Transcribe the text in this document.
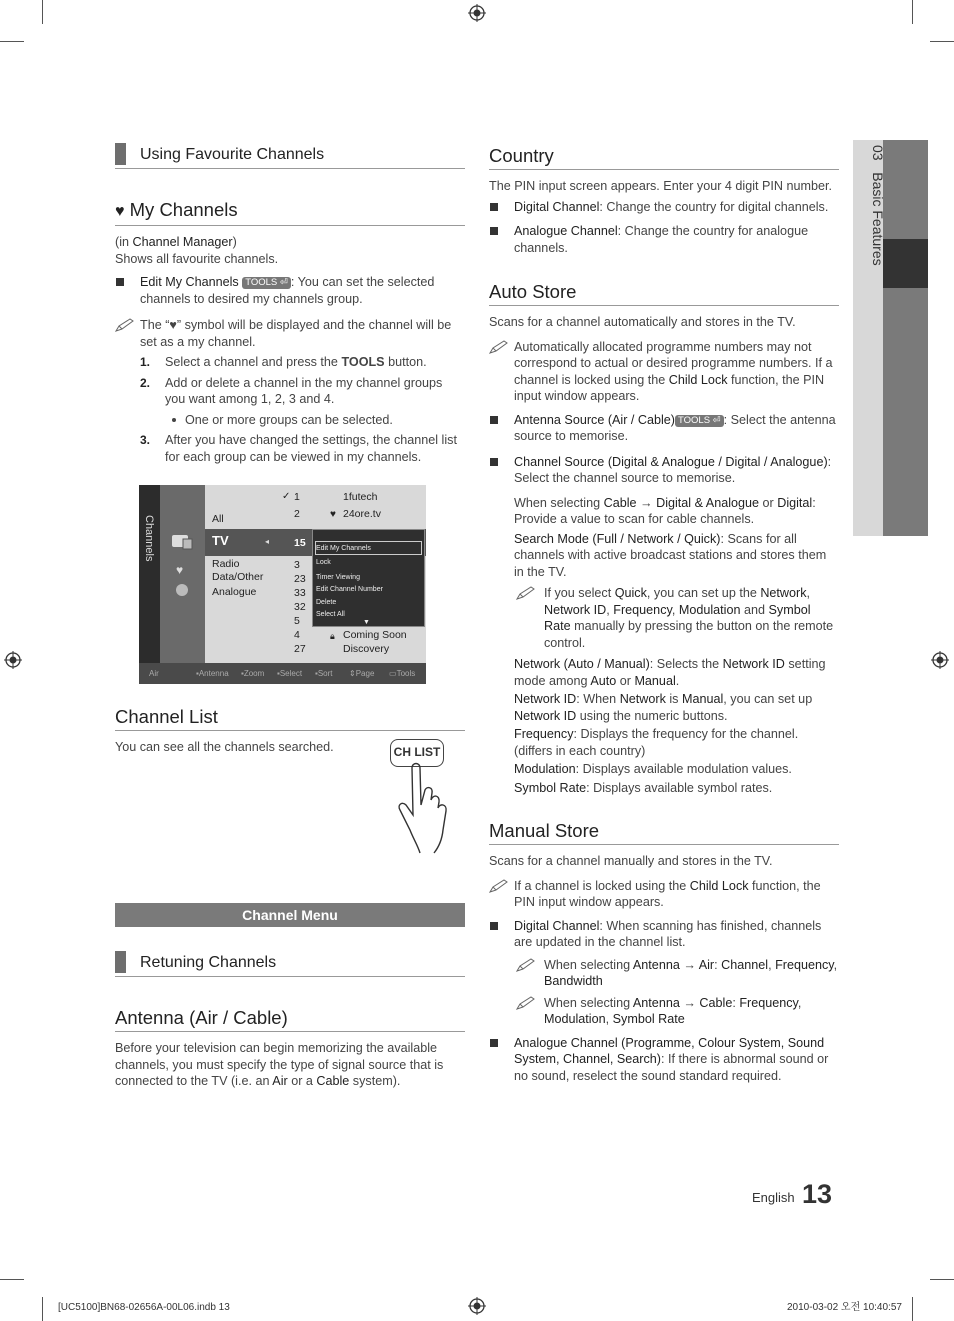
03   Basic Features
Using Favourite Channels
♥ My Channels
(in Channel Manager)
Shows all favourite channels.
Edit My Channels TOOLS ⏎ : You can set the selected channels to desired my channels group.
The “♥” symbol will be displayed and the channel will be set as a my channel.
1. Select a channel and press the TOOLS button.
2. Add or delete a channel in the my channel groups you want among 1, 2, 3 and 4.
One or more groups can be selected.
3. After you have changed the settings, the channel list for each group can be viewed in my channels.
Channels
♥
All
TV	◂
Radio
Data/Other
Analogue
✓ 1
2
15
3
23
33
32
5
4
27
1futech
♥ 24ore.tv
Edit My Channels
Lock
Timer Viewing
Edit Channel Number
Delete
Select All
▼
🔒︎ Coming Soon
Discovery
Air	▪ Antenna ▪ Zoom ▪ Select ▪ Sort ⇕ Page ▭ Tools
Channel List
You can see all the channels searched.	CH LIST
Channel Menu
Retuning Channels
Antenna (Air / Cable)
Before your television can begin memorizing the available channels, you must specify the type of signal source that is connected to the TV (i.e. an Air or a Cable system).
Country
The PIN input screen appears. Enter your 4 digit PIN number.
Digital Channel: Change the country for digital channels.
Analogue Channel: Change the country for analogue channels.
Auto Store
Scans for a channel automatically and stores in the TV.
Automatically allocated programme numbers may not correspond to actual or desired programme numbers. If a channel is locked using the Child Lock function, the PIN input window appears.
Antenna Source (Air / Cable) TOOLS ⏎ : Select the antenna source to memorise.
Channel Source (Digital & Analogue / Digital / Analogue): Select the channel source to memorise.
When selecting Cable → Digital & Analogue or Digital: Provide a value to scan for cable channels.
Search Mode (Full / Network / Quick): Scans for all channels with active broadcast stations and stores them in the TV.
If you select Quick, you can set up the Network, Network ID, Frequency, Modulation and Symbol Rate manually by pressing the button on the remote control.
Network (Auto / Manual): Selects the Network ID setting mode among Auto or Manual.
Network ID: When Network is Manual, you can set up Network ID using the numeric buttons.
Frequency: Displays the frequency for the channel. (differs in each country)
Modulation: Displays available modulation values.
Symbol Rate: Displays available symbol rates.
Manual Store
Scans for a channel manually and stores in the TV.
If a channel is locked using the Child Lock function, the PIN input window appears.
Digital Channel: When scanning has finished, channels are updated in the channel list.
When selecting Antenna → Air: Channel, Frequency, Bandwidth
When selecting Antenna → Cable: Frequency, Modulation, Symbol Rate
Analogue Channel (Programme, Colour System, Sound System, Channel, Search): If there is abnormal sound or no sound, reselect the sound standard required.
English 13
[UC5100]BN68-02656A-00L06.indb 13	2010-03-02 오전 10:40:57
